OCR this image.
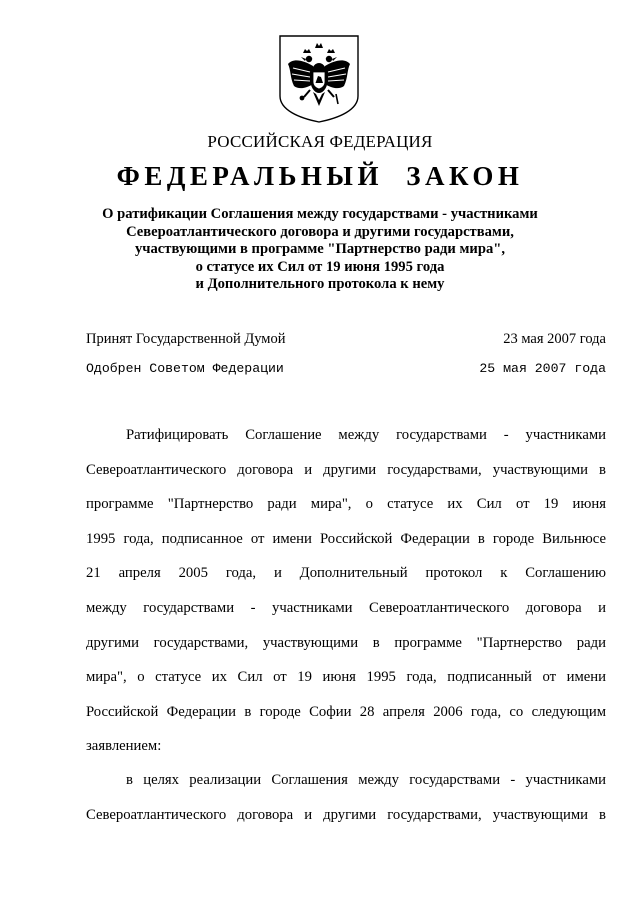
РОССИЙСКАЯ ФЕДЕРАЦИЯ
ФЕДЕРАЛЬНЫЙ ЗАКОН
О ратификации Соглашения между государствами - участниками
Североатлантического договора и другими государствами,
участвующими в программе "Партнерство ради мира",
о статусе их Сил от 19 июня 1995 года
и Дополнительного протокола к нему
Принят Государственной Думой	23 мая 2007 года
Одобрен Советом Федерации	25 мая 2007 года
Ратифицировать Соглашение между государствами - участниками
Североатлантического договора и другими государствами, участвующими в
программе "Партнерство ради мира", о статусе их Сил от 19 июня
1995 года, подписанное от имени Российской Федерации в городе Вильнюсе
21 апреля 2005 года, и Дополнительный протокол к Соглашению
между государствами - участниками Североатлантического договора и
другими государствами, участвующими в программе "Партнерство ради
мира", о статусе их Сил от 19 июня 1995 года, подписанный от имени
Российской Федерации в городе Софии 28 апреля 2006 года, со следующим
заявлением:
в целях реализации Соглашения между государствами - участниками
Североатлантического договора и другими государствами, участвующими в
